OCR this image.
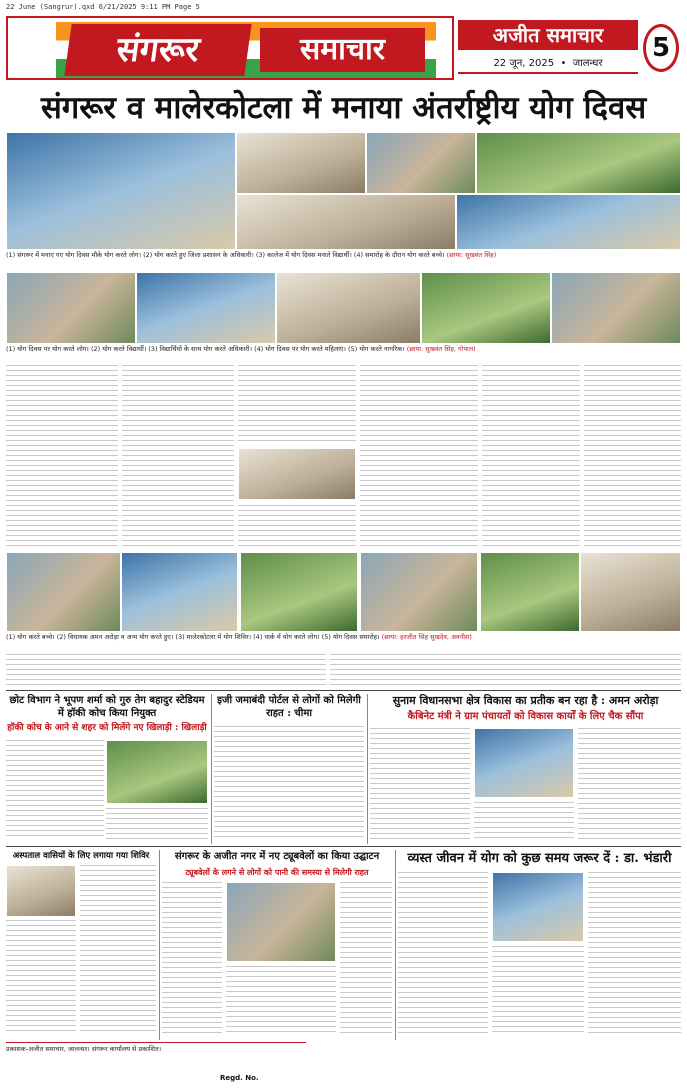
22 June (Sangrur).qxd 6/21/2025 9:11 PM Page 5
संगरूर	समाचार	अजीत समाचार
22 जून, 2025  •  जालन्धर
5
संगरूर व मालेरकोटला में मनाया अंतर्राष्ट्रीय योग दिवस
(1) संगरूर में मनाए गए योग दिवस मौके योग करते लोग। (2) योग करते हुए जिला प्रशासन के अधिकारी। (3) कालेज में योग दिवस मनाते विद्यार्थी। (4) समारोह के दौरान योग करते बच्चे। (छाया: सुखवंत सिंह)
(1) योग दिवस पर योग करते लोग। (2) योग करते विद्यार्थी। (3) विद्यार्थियों के साथ योग करते अधिकारी। (4) योग दिवस पर योग करते महिलाएं। (5) योग करते नागरिक। (छाया: सुखवंत सिंह, गोपाल)
(1) योग करते बच्चे। (2) विधायक अमन अरोड़ा व अन्य योग करते हुए। (3) मालेरकोटला में योग शिविर। (4) पार्क में योग करते लोग। (5) योग दिवस समारोह। (छाया: हरजीत सिंह सुखदेव, अवनीश)
छोट विभाग ने भूपण शर्मा को गुरु तेग बहादुर स्टेडियम में हॉकी कोच किया नियुक्त
हॉकी कोच के आने से शहर को मिलेंगे नए खिलाड़ी : खिलाड़ी
इजी जमाबंदी पोर्टल से लोगों को मिलेगी राहत : चीमा
सुनाम विधानसभा क्षेत्र विकास का प्रतीक बन रहा है : अमन अरोड़ा
कैबिनेट मंत्री ने ग्राम पंचायतों को विकास कार्यों के लिए चैक सौंपा
अस्पताल वासियों के लिए लगाया गया शिविर	संगरूर के अजीत नगर में नए ट्यूबवेलों का किया उद्घाटन
ट्यूबवेलों के लगने से लोगों को पानी की समस्या से मिलेगी राहत
व्यस्त जीवन में योग को कुछ समय जरूर दें : डा. भंडारी
प्रकाशक-अजीत समाचार, जालन्धर। संगरूर कार्यालय से प्रकाशित।
Regd. No.
